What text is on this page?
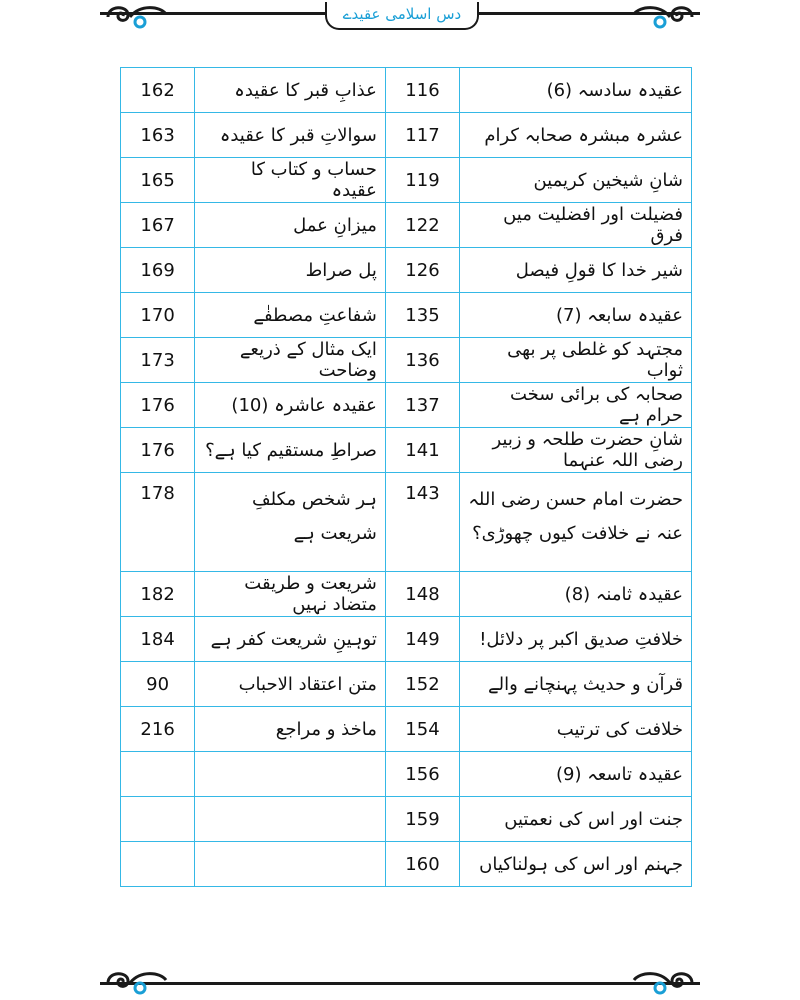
دس اسلامی عقیدے
162	عذابِ قبر کا عقیدہ	116	عقیدہ سادسہ (6)
163	سوالاتِ قبر کا عقیدہ	117	عشرہ مبشرہ صحابہ کرام
165	حساب و کتاب کا عقیدہ	119	شانِ شیخین کریمین
167	میزانِ عمل	122	فضیلت اور افضلیت میں فرق
169	پل صراط	126	شیر خدا کا قولِ فیصل
170	شفاعتِ مصطفٰے	135	عقیدہ سابعہ (7)
173	ایک مثال کے ذریعے وضاحت	136	مجتہد کو غلطی پر بھی ثواب
176	عقیدہ عاشرہ (10)	137	صحابہ کی برائی سخت حرام ہے
176	صراطِ مستقیم کیا ہے؟	141	شانِ حضرت طلحہ و زبیر رضی اللہ عنہما
178	ہر شخص مکلفِ شریعت ہے	143	حضرت امام حسن رضی اللہ عنہ نے خلافت کیوں چھوڑی؟
182	شریعت و طریقت متضاد نہیں	148	عقیدہ ثامنہ (8)
184	توہینِ شریعت کفر ہے	149	خلافتِ صدیق اکبر پر دلائل!
90	متن اعتقاد الاحباب	152	قرآن و حدیث پہنچانے والے
216	ماخذ و مراجع	154	خلافت کی ترتیب
		156	عقیدہ تاسعہ (9)
		159	جنت اور اس کی نعمتیں
		160	جہنم اور اس کی ہولناکیاں
